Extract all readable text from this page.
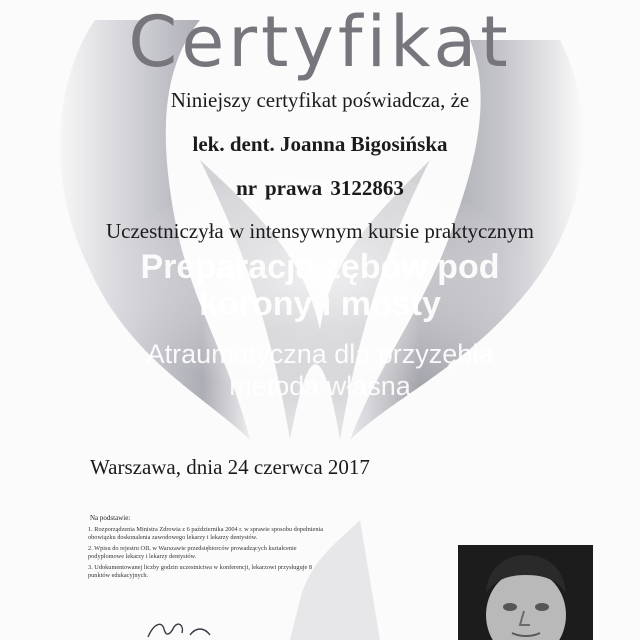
Certyfikat
Niniejszy certyfikat poświadcza, że
lek. dent. Joanna Bigosińska
nr prawa 3122863
Uczestniczyła w intensywnym kursie praktycznym
Preparacja zębów pod
korony i mosty
Atraumatyczna dla przyzębia
metoda własna
Warszawa, dnia 24 czerwca 2017
Na podstawie:
1. Rozporządzenia Ministra Zdrowia z 6 października 2004 r. w sprawie sposobu dopełnienia obowiązku doskonalenia zawodowego lekarzy i lekarzy dentystów.
2. Wpisu do rejestru OIL w Warszawie przedsiębiorców prowadzących kształcenie podyplomowe lekarzy i lekarzy dentystów.
3. Udokumentowanej liczby godzin uczestnictwa w konferencji, lekarzowi przysługuje 8 punktów edukacyjnych.
